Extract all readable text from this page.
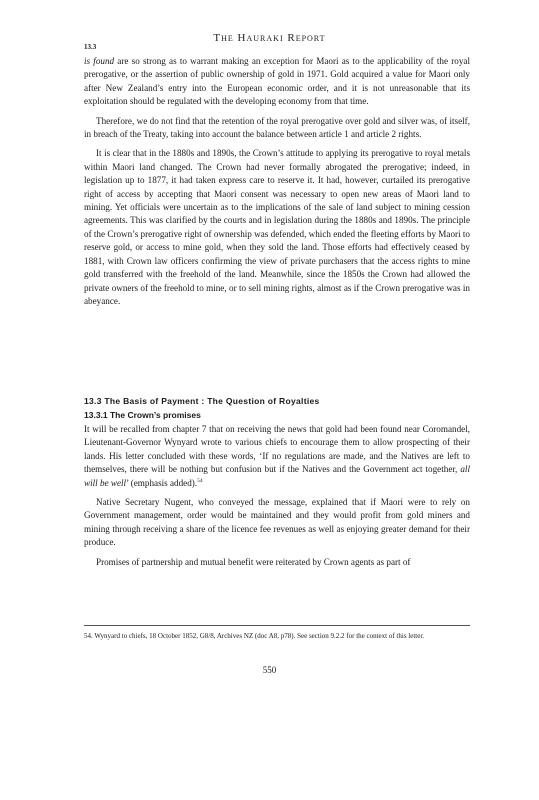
The Hauraki Report
13.3

is found are so strong as to warrant making an exception for Maori as to the applicability of the royal prerogative, or the assertion of public ownership of gold in 1971. Gold acquired a value for Maori only after New Zealand’s entry into the European economic order, and it is not unreasonable that its exploitation should be regulated with the developing economy from that time.

Therefore, we do not find that the retention of the royal prerogative over gold and silver was, of itself, in breach of the Treaty, taking into account the balance between article 1 and article 2 rights.

It is clear that in the 1880s and 1890s, the Crown’s attitude to applying its prerogative to royal metals within Maori land changed. The Crown had never formally abrogated the prerogative; indeed, in legislation up to 1877, it had taken express care to reserve it. It had, however, curtailed its prerogative right of access by accepting that Maori consent was necessary to open new areas of Maori land to mining. Yet officials were uncertain as to the implications of the sale of land subject to mining cession agreements. This was clarified by the courts and in legislation during the 1880s and 1890s. The principle of the Crown’s prerogative right of ownership was defended, which ended the fleeting efforts by Maori to reserve gold, or access to mine gold, when they sold the land. Those efforts had effectively ceased by 1881, with Crown law officers confirming the view of private purchasers that the access rights to mine gold transferred with the freehold of the land. Meanwhile, since the 1850s the Crown had allowed the private owners of the freehold to mine, or to sell mining rights, almost as if the Crown prerogative was in abeyance.

13.3 The Basis of Payment : The Question of Royalties
13.3.1 The Crown’s promises

It will be recalled from chapter 7 that on receiving the news that gold had been found near Coromandel, Lieutenant-Governor Wynyard wrote to various chiefs to encourage them to allow prospecting of their lands. His letter concluded with these words, ‘If no regulations are made, and the Natives are left to themselves, there will be nothing but confusion but if the Natives and the Government act together, all will be well’ (emphasis added).$^{54}$

Native Secretary Nugent, who conveyed the message, explained that if Maori were to rely on Government management, order would be maintained and they would profit from gold miners and mining through receiving a share of the licence fee revenues as well as enjoying greater demand for their produce.

Promises of partnership and mutual benefit were reiterated by Crown agents as part of

54. Wynyard to chiefs, 18 October 1852, G8/8, Archives NZ (doc A8, p78). See section 9.2.2 for the context of this letter.
550
